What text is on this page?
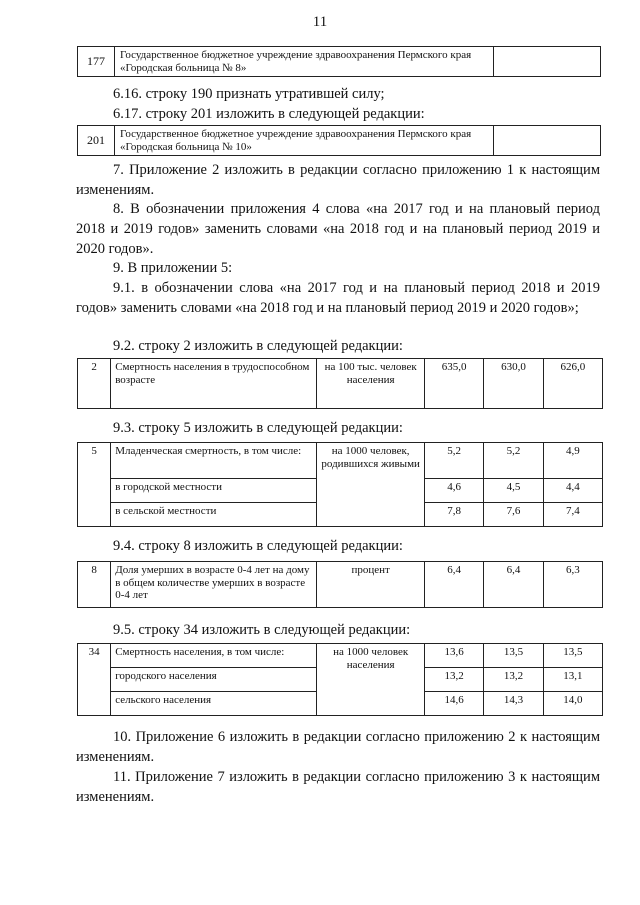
11
177	Государственное бюджетное учреждение здравоохранения Пермского края «Городская больница № 8»	
6.16. строку 190 признать утратившей силу;
6.17. строку 201 изложить в следующей редакции:
201	Государственное бюджетное учреждение здравоохранения Пермского края «Городская больница № 10»	
7. Приложение 2 изложить в редакции согласно приложению 1 к настоящим изменениям.
8. В обозначении приложения 4 слова «на 2017 год и на плановый период 2018 и 2019 годов» заменить словами «на 2018 год и на плановый период 2019 и 2020 годов».
9. В приложении 5:
9.1. в обозначении слова «на 2017 год и на плановый период 2018 и 2019 годов» заменить словами «на 2018 год и на плановый период 2019 и 2020 годов»;
9.2. строку 2 изложить в следующей редакции:
2	Смертность населения в трудоспособном возрасте	на 100 тыс. человек населения	635,0	630,0	626,0
9.3. строку 5 изложить в следующей редакции:
5	Младенческая смертность, в том числе:	на 1000 человек, родившихся живыми	5,2	5,2	4,9
	в городской местности		4,6	4,5	4,4
	в сельской местности		7,8	7,6	7,4
9.4. строку 8 изложить в следующей редакции:
8	Доля умерших в возрасте 0-4 лет на дому в общем количестве умерших в возрасте 0-4 лет	процент	6,4	6,4	6,3
9.5. строку 34 изложить в следующей редакции:
34	Смертность населения, в том числе:	на 1000 человек населения	13,6	13,5	13,5
	городского населения		13,2	13,2	13,1
	сельского населения		14,6	14,3	14,0
10. Приложение 6 изложить в редакции согласно приложению 2 к настоящим изменениям.
11. Приложение 7 изложить в редакции согласно приложению 3 к настоящим изменениям.
